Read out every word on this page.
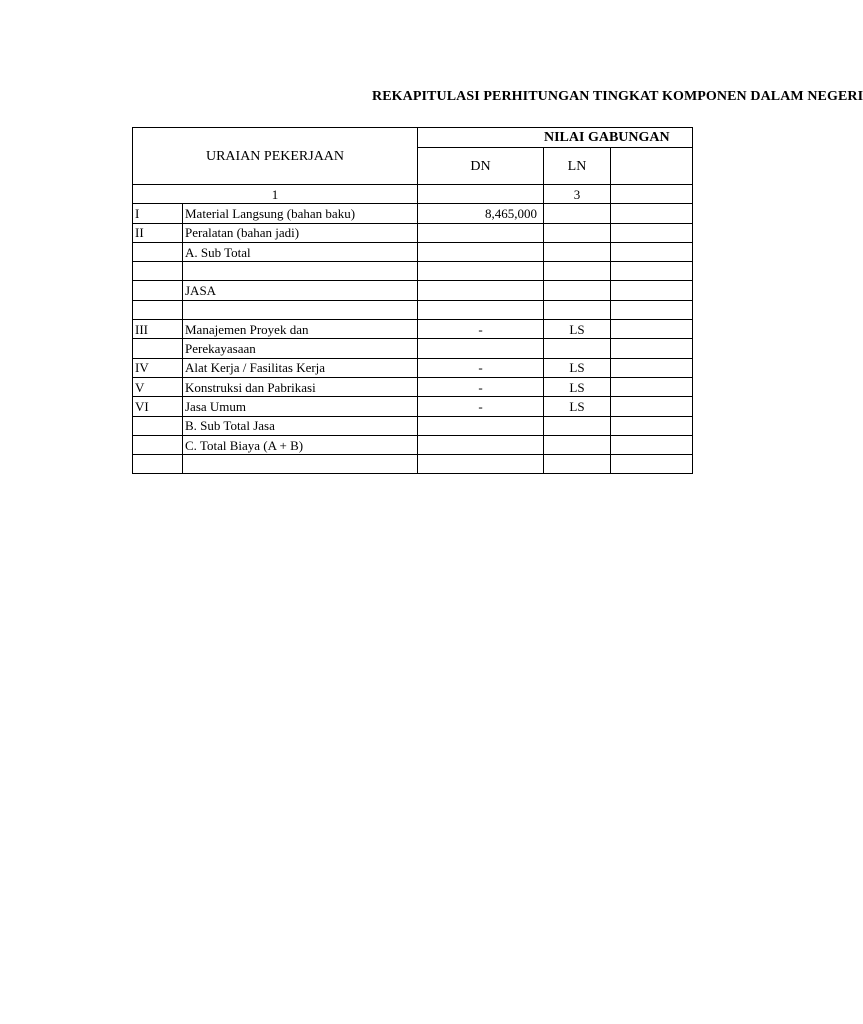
REKAPITULASI PERHITUNGAN TINGKAT KOMPONEN DALAM NEGERI
URAIAN PEKERJAAN		NILAI GABUNGAN		
		DN	LN	
1			3	
I	Material Langsung (bahan baku)	8,465,000		
II	Peralatan (bahan jadi)			
	A. Sub Total			

	JASA			

III	Manajemen Proyek dan	-	LS	
	Perekayasaan			
IV	Alat Kerja / Fasilitas Kerja	-	LS	
V	Konstruksi dan Pabrikasi	-	LS	
VI	Jasa Umum	-	LS	
	B. Sub Total Jasa			
	C. Total Biaya (A + B)			
